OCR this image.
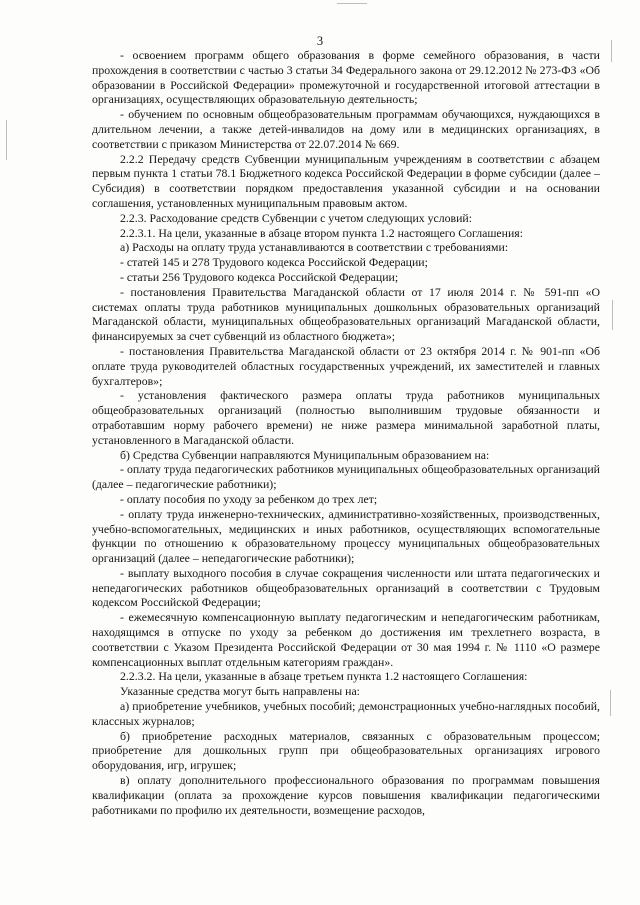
3

- освоением программ общего образования в форме семейного образования, в части прохождения в соответствии с частью 3 статьи 34 Федерального закона от 29.12.2012 № 273-ФЗ «Об образовании в Российской Федерации» промежуточной и государственной итоговой аттестации в организациях, осуществляющих образовательную деятельность;

- обучением по основным общеобразовательным программам обучающихся, нуждающихся в длительном лечении, а также детей-инвалидов на дому или в медицинских организациях, в соответствии с приказом Министерства от 22.07.2014 № 669.

2.2.2 Передачу средств Субвенции муниципальным учреждениям в соответствии с абзацем первым пункта 1 статьи 78.1 Бюджетного кодекса Российской Федерации в форме субсидии (далее – Субсидия) в соответствии порядком предоставления указанной субсидии и на основании соглашения, установленных муниципальным правовым актом.

2.2.3. Расходование средств Субвенции с учетом следующих условий:

2.2.3.1. На цели, указанные в абзаце втором пункта 1.2 настоящего Соглашения:

а) Расходы на оплату труда устанавливаются в соответствии с требованиями:

- статей 145 и 278 Трудового кодекса Российской Федерации;

- статьи 256 Трудового кодекса Российской Федерации;

- постановления Правительства Магаданской области от 17 июля 2014 г. № 591-пп «О системах оплаты труда работников муниципальных дошкольных образовательных организаций Магаданской области, муниципальных общеобразовательных организаций Магаданской области, финансируемых за счет субвенций из областного бюджета»;

- постановления Правительства Магаданской области от 23 октября 2014 г. № 901-пп «Об оплате труда руководителей областных государственных учреждений, их заместителей и главных бухгалтеров»;

- установления фактического размера оплаты труда работников муниципальных общеобразовательных организаций (полностью выполнившим трудовые обязанности и отработавшим норму рабочего времени) не ниже размера минимальной заработной платы, установленного в Магаданской области.

б) Средства Субвенции направляются Муниципальным образованием на:

- оплату труда педагогических работников муниципальных общеобразовательных организаций (далее – педагогические работники);

- оплату пособия по уходу за ребенком до трех лет;

- оплату труда инженерно-технических, административно-хозяйственных, производственных, учебно-вспомогательных, медицинских и иных работников, осуществляющих вспомогательные функции по отношению к образовательному процессу муниципальных общеобразовательных организаций (далее – непедагогические работники);

- выплату выходного пособия в случае сокращения численности или штата педагогических и непедагогических работников общеобразовательных организаций в соответствии с Трудовым кодексом Российской Федерации;

- ежемесячную компенсационную выплату педагогическим и непедагогическим работникам, находящимся в отпуске по уходу за ребенком до достижения им трехлетнего возраста, в соответствии с Указом Президента Российской Федерации от 30 мая 1994 г. № 1110 «О размере компенсационных выплат отдельным категориям граждан».

2.2.3.2. На цели, указанные в абзаце третьем пункта 1.2 настоящего Соглашения:

Указанные средства могут быть направлены на:

а) приобретение учебников, учебных пособий; демонстрационных учебно-наглядных пособий, классных журналов;

б) приобретение расходных материалов, связанных с образовательным процессом; приобретение для дошкольных групп при общеобразовательных организациях игрового оборудования, игр, игрушек;

в) оплату дополнительного профессионального образования по программам повышения квалификации (оплата за прохождение курсов повышения квалификации педагогическими работниками по профилю их деятельности, возмещение расходов,
